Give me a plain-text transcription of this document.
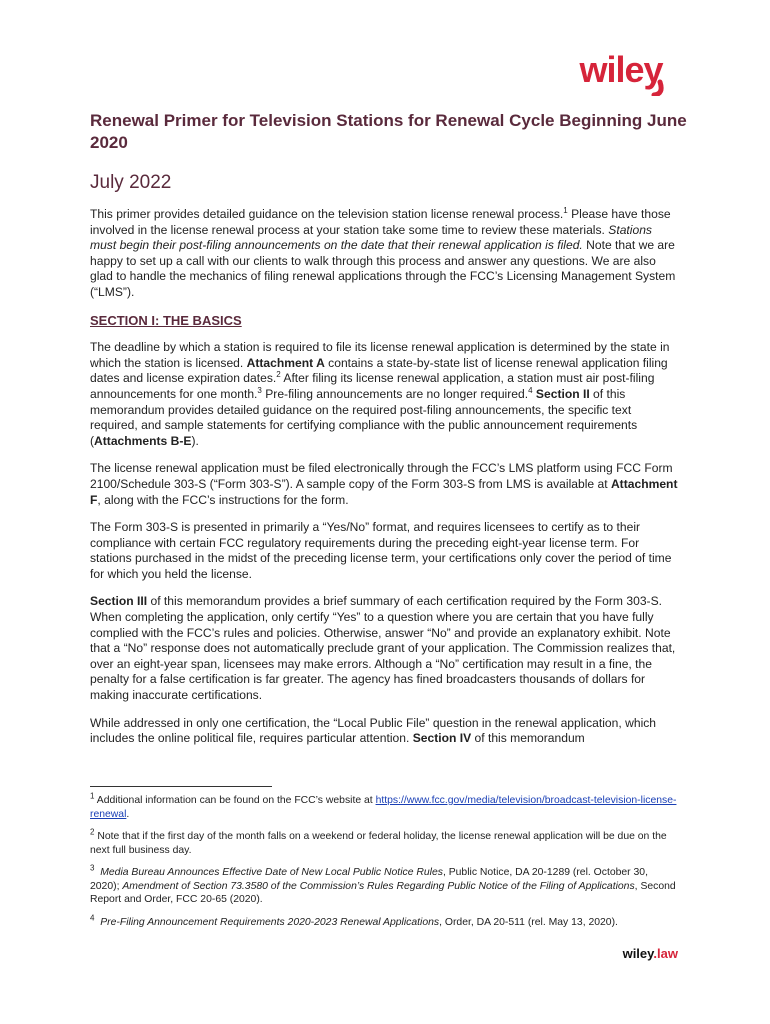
wiley
Renewal Primer for Television Stations for Renewal Cycle Beginning June 2020
July 2022

This primer provides detailed guidance on the television station license renewal process.$^1$ Please have those involved in the license renewal process at your station take some time to review these materials. Stations must begin their post-filing announcements on the date that their renewal application is filed. Note that we are happy to set up a call with our clients to walk through this process and answer any questions. We are also glad to handle the mechanics of filing renewal applications through the FCC’s Licensing Management System (“LMS”).

SECTION I: THE BASICS

The deadline by which a station is required to file its license renewal application is determined by the state in which the station is licensed. Attachment A contains a state-by-state list of license renewal application filing dates and license expiration dates.$^2$ After filing its license renewal application, a station must air post-filing announcements for one month.$^3$ Pre-filing announcements are no longer required.$^4$ Section II of this memorandum provides detailed guidance on the required post-filing announcements, the specific text required, and sample statements for certifying compliance with the public announcement requirements (Attachments B-E).

The license renewal application must be filed electronically through the FCC’s LMS platform using FCC Form 2100/Schedule 303-S (“Form 303-S”). A sample copy of the Form 303-S from LMS is available at Attachment F, along with the FCC’s instructions for the form.

The Form 303-S is presented in primarily a “Yes/No” format, and requires licensees to certify as to their compliance with certain FCC regulatory requirements during the preceding eight-year license term. For stations purchased in the midst of the preceding license term, your certifications only cover the period of time for which you held the license.

Section III of this memorandum provides a brief summary of each certification required by the Form 303-S. When completing the application, only certify “Yes” to a question where you are certain that you have fully complied with the FCC’s rules and policies. Otherwise, answer “No” and provide an explanatory exhibit. Note that a “No” response does not automatically preclude grant of your application. The Commission realizes that, over an eight-year span, licensees may make errors. Although a “No” certification may result in a fine, the penalty for a false certification is far greater. The agency has fined broadcasters thousands of dollars for making inaccurate certifications.

While addressed in only one certification, the “Local Public File” question in the renewal application, which includes the online political file, requires particular attention. Section IV of this memorandum

$^1$ Additional information can be found on the FCC’s website at https://www.fcc.gov/media/television/broadcast-television-license-renewal.

$^2$ Note that if the first day of the month falls on a weekend or federal holiday, the license renewal application will be due on the next full business day.

$^3$ Media Bureau Announces Effective Date of New Local Public Notice Rules, Public Notice, DA 20-1289 (rel. October 30, 2020); Amendment of Section 73.3580 of the Commission’s Rules Regarding Public Notice of the Filing of Applications, Second Report and Order, FCC 20-65 (2020).

$^4$ Pre-Filing Announcement Requirements 2020-2023 Renewal Applications, Order, DA 20-511 (rel. May 13, 2020).

wiley.law
